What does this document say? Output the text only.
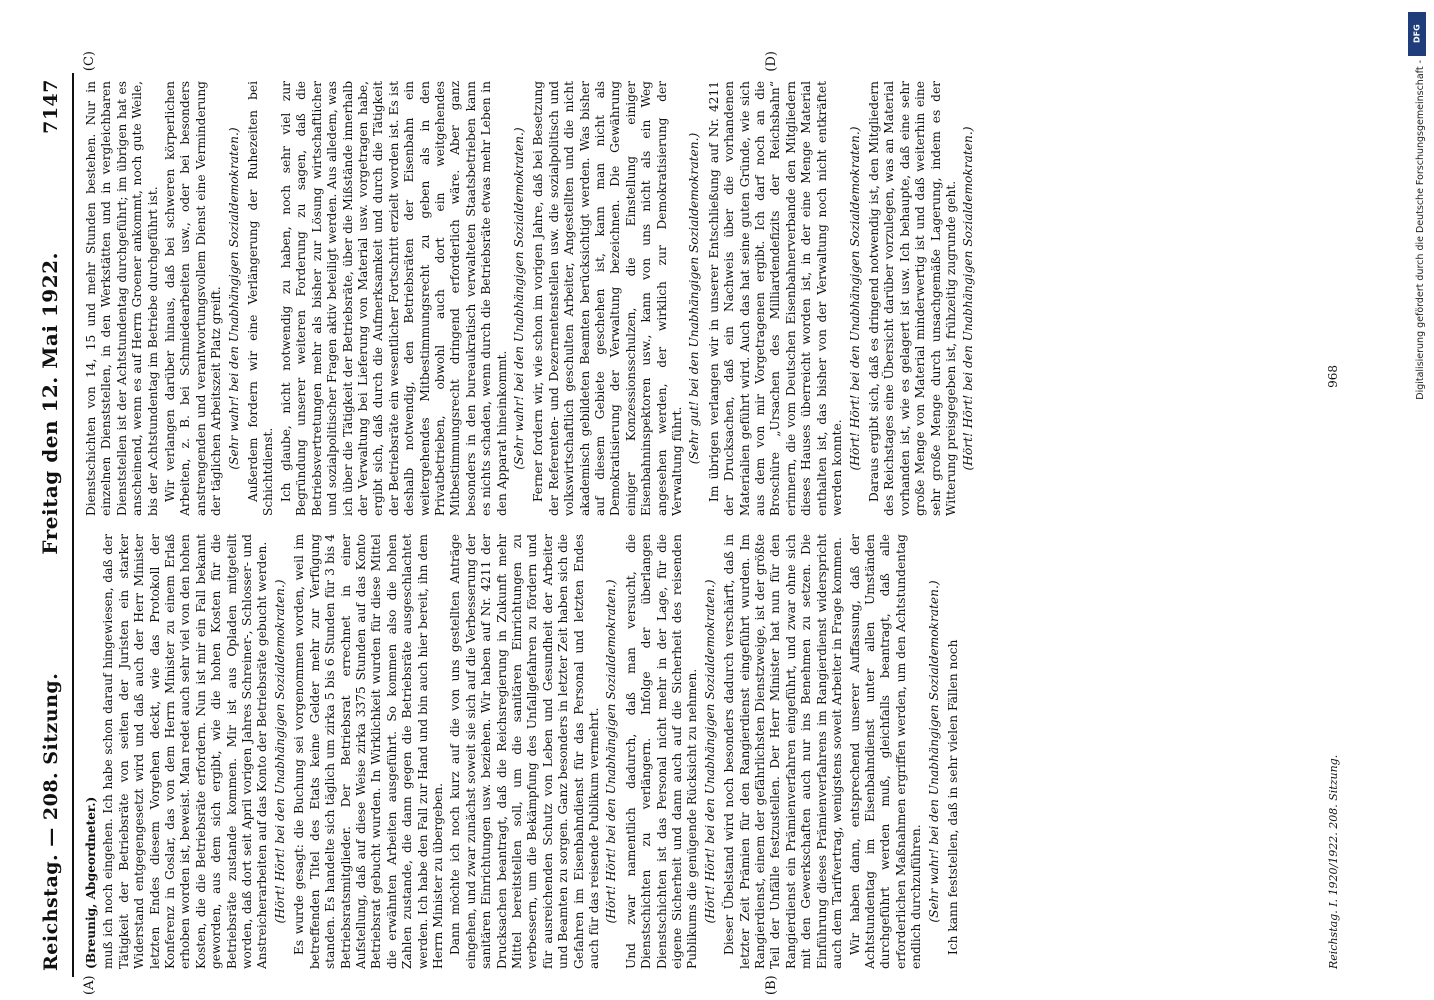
Reichstag. — 208. Sitzung.
Freitag den 12. Mai 1922.
7147
(A)	(B)
(C)	(D)

(Breunig, Abgeordneter.) muß ich noch eingehen. Ich habe schon darauf hingewiesen, daß der Tätigkeit der Betriebsräte von seiten der Juristen ein starker Widerstand entgegengesetzt wird und daß auch der Herr Minister letzten Endes diesem Vorgehen deckt, wie das Protokoll der Konferenz in Goslar, das von dem Herrn Minister zu einem Erlaß erhoben worden ist, beweist. Man redet auch sehr viel von den hohen Kosten, die die Betriebsräte erfordern. Nun ist mir ein Fall bekannt geworden, aus dem sich ergibt, wie die hohen Kosten für die Betriebsräte zustande kommen. Mir ist aus Opladen mitgeteilt worden, daß dort seit April vorigen Jahres Schreiner-, Schlosser- und Anstreicherarbeiten auf das Konto der Betriebsräte gebucht werden. (Hört! Hört! bei den Unabhängigen Sozialdemokraten.) Es wurde gesagt: die Buchung sei vorgenommen worden, weil im betreffenden Titel des Etats keine Gelder mehr zur Verfügung standen. Es handelte sich täglich um zirka 5 bis 6 Stunden für 3 bis 4 Betriebsratsmitglieder. Der Betriebsrat errechnet in einer Aufstellung, daß auf diese Weise zirka 3375 Stunden auf das Konto Betriebsrat gebucht wurden. In Wirklichkeit wurden für diese Mittel die erwähnten Arbeiten ausgeführt. So kommen also die hohen Zahlen zustande, die dann gegen die Betriebsräte ausgeschlachtet werden. Ich habe den Fall zur Hand und bin auch hier bereit, ihn dem Herrn Minister zu übergeben. Dann möchte ich noch kurz auf die von uns gestellten Anträge eingehen, und zwar zunächst soweit sie sich auf die Verbesserung der sanitären Einrichtungen usw. beziehen. Wir haben auf Nr. 4211 der Drucksachen beantragt, daß die Reichsregierung in Zukunft mehr Mittel bereitstellen soll, um die sanitären Einrichtungen zu verbessern, um die Bekämpfung des Unfallgefahren zu fördern und für ausreichenden Schutz von Leben und Gesundheit der Arbeiter und Beamten zu sorgen. Ganz besonders in letzter Zeit haben sich die Gefahren im Eisenbahndienst für das Personal und letzten Endes auch für das reisende Publikum vermehrt. (Hört! Hört! bei den Unabhängigen Sozialdemokraten.) Und zwar namentlich dadurch, daß man versucht, die Dienstschichten zu verlängern. Infolge der überlangen Dienstschichten ist das Personal nicht mehr in der Lage, für die eigene Sicherheit und dann auch auf die Sicherheit des reisenden Publikums die genügende Rücksicht zu nehmen. (Hört! Hört! bei den Unabhängigen Sozialdemokraten.) Dieser Übelstand wird noch besonders dadurch verschärft, daß in letzter Zeit Prämien für den Rangierdienst eingeführt wurden. Im Rangierdienst, einem der gefährlichsten Dienstzweige, ist der größte Teil der Unfälle festzustellen. Der Herr Minister hat nun für den Rangierdienst ein Prämienverfahren eingeführt, und zwar ohne sich mit den Gewerkschaften auch nur ins Benehmen zu setzen. Die Einführung dieses Prämienverfahrens im Rangierdienst widerspricht auch dem Tarifvertrag, wenigstens soweit Arbeiter in Frage kommen. Wir haben dann, entsprechend unserer Auffassung, daß der Achtstundentag im Eisenbahndienst unter allen Umständen durchgeführt werden muß, gleichfalls beantragt, daß alle erforderlichen Maßnahmen ergriffen werden, um den Achtstundentag endlich durchzuführen. (Sehr wahr! bei den Unabhängigen Sozialdemokraten.) Ich kann feststellen, daß in sehr vielen Fällen noch

Dienstschichten von 14, 15 und mehr Stunden bestehen. Nur in einzelnen Dienststellen, in den Werkstätten und in vergleichbaren Dienststellen ist der Achtstundentag durchgeführt; im übrigen hat es anscheinend, wenn es auf Herrn Groener ankommt, noch gute Weile, bis der Achtstundentag im Betriebe durchgeführt ist. Wir verlangen darüber hinaus, daß bei schweren körperlichen Arbeiten, z. B. bei Schmiedearbeiten usw., oder bei besonders anstrengenden und verantwortungsvollem Dienst eine Verminderung der täglichen Arbeitszeit Platz greift. (Sehr wahr! bei den Unabhängigen Sozialdemokraten.) Außerdem fordern wir eine Verlängerung der Ruhezeiten bei Schichtdienst. Ich glaube, nicht notwendig zu haben, noch sehr viel zur Begründung unserer weiteren Forderung zu sagen, daß die Betriebsvertretungen mehr als bisher zur Lösung wirtschaftlicher und sozialpolitischer Fragen aktiv beteiligt werden. Aus alledem, was ich über die Tätigkeit der Betriebsräte, über die Mißstände innerhalb der Verwaltung bei Lieferung von Material usw. vorgetragen habe, ergibt sich, daß durch die Aufmerksamkeit und durch die Tätigkeit der Betriebsräte ein wesentlicher Fortschritt erzielt worden ist. Es ist deshalb notwendig, den Betriebsräten der Eisenbahn ein weitergehendes Mitbestimmungsrecht zu geben als in den Privatbetrieben, obwohl auch dort ein weitgehendes Mitbestimmungsrecht dringend erforderlich wäre. Aber ganz besonders in den bureaukratisch verwalteten Staatsbetrieben kann es nichts schaden, wenn durch die Betriebsräte etwas mehr Leben in den Apparat hineinkommt. (Sehr wahr! bei den Unabhängigen Sozialdemokraten.) Ferner fordern wir, wie schon im vorigen Jahre, daß bei Besetzung der Referenten- und Dezernentenstellen usw. die sozialpolitisch und volkswirtschaftlich geschulten Arbeiter, Angestellten und die nicht akademisch gebildeten Beamten berücksichtigt werden. Was bisher auf diesem Gebiete geschehen ist, kann man nicht als Demokratisierung der Verwaltung bezeichnen. Die Gewährung einiger Konzessionsschulzen, die Einstellung einiger Eisenbahninspektoren usw., kann von uns nicht als ein Weg angesehen werden, der wirklich zur Demokratisierung der Verwaltung führt. (Sehr gut! bei den Unabhängigen Sozialdemokraten.) Im übrigen verlangen wir in unserer Entschließung auf Nr. 4211 der Drucksachen, daß ein Nachweis über die vorhandenen Materialien geführt wird. Auch das hat seine guten Gründe, wie sich aus dem von mir Vorgetragenen ergibt. Ich darf noch an die Broschüre „Ursachen des Milliardendefizits der Reichsbahn“ erinnern, die vom Deutschen Eisenbahnerverbande den Mitgliedern dieses Hauses überreicht worden ist, in der eine Menge Material enthalten ist, das bisher von der Verwaltung noch nicht entkräftet werden konnte. (Hört! Hört! bei den Unabhängigen Sozialdemokraten.) Daraus ergibt sich, daß es dringend notwendig ist, den Mitgliedern des Reichstages eine Übersicht darüber vorzulegen, was an Material vorhanden ist, wie es gelagert ist usw. Ich behaupte, daß eine sehr große Menge von Material minderwertig ist und daß weiterhin eine sehr große Menge durch unsachgemäße Lagerung, indem es der Witterung preisgegeben ist, frühzeitig zugrunde geht. (Hört! Hört! bei den Unabhängigen Sozialdemokraten.)

Reichstag. I. 1920/1922. 208. Sitzung.
968
DFG
Digitalisierung gefördert durch die Deutsche Forschungsgemeinschaft -
